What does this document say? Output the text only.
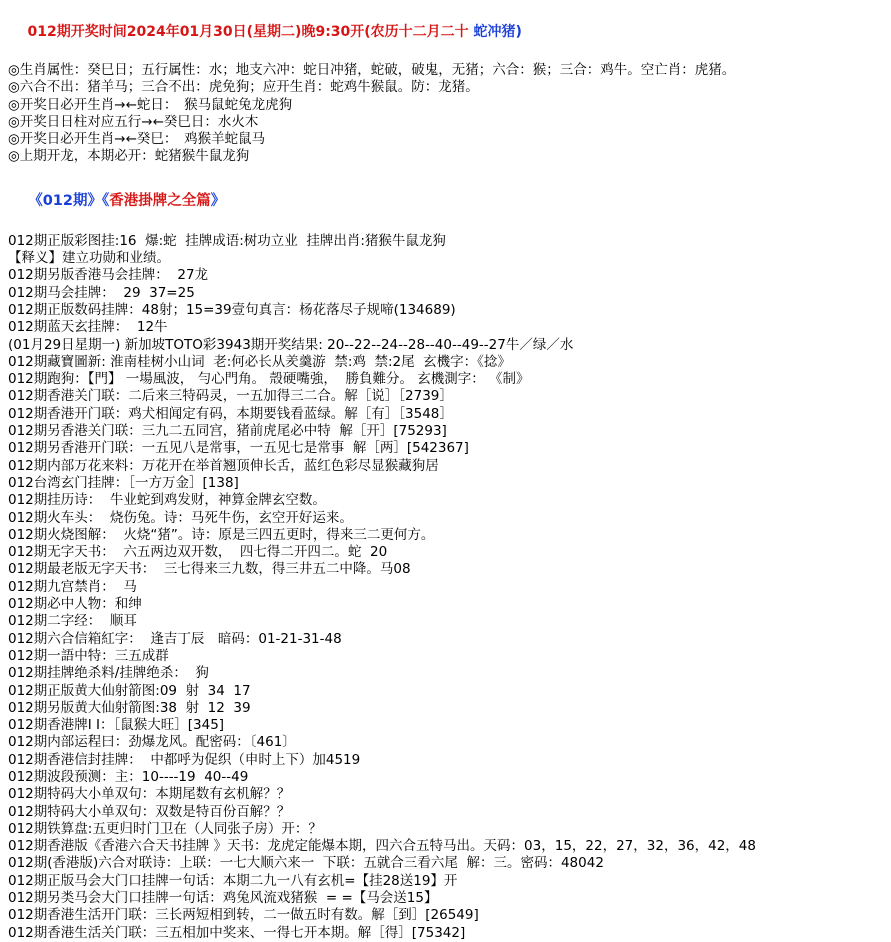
012期开奖时间2024年01月30日(星期二)晚9:30开(农历十二月二十 蛇冲猪)

◎生肖属性：癸巳日；五行属性：水；地支六冲：蛇日冲猪，蛇破，破鬼，无猪；六合：猴；三合：鸡牛。空亡肖：虎猪。
◎六合不出：猪羊马；三合不出：虎免狗；应开生肖：蛇鸡牛猴鼠。防：龙猪。
◎开奖日必开生肖→←蛇日：　猴马鼠蛇兔龙虎狗
◎开奖日日柱对应五行→←癸巳日：水火木
◎开奖日必开生肖→←癸巳：　鸡猴羊蛇鼠马
◎上期开龙，本期必开：蛇猪猴牛鼠龙狗

《012期》《香港掛牌之全篇》

012期正版彩图挂:16  爆:蛇  挂牌成语:树功立业  挂牌出肖:猪猴牛鼠龙狗
【释义】建立功勋和业绩。
012期另版香港马会挂牌：  27龙
012期马会挂牌：  29  37=25
012期正版数码挂牌：48射；15=39壹句真言：杨花落尽子规啼(134689)
012期蓝天玄挂牌：  12牛
(01月29日星期一) 新加坡TOTO彩3943期开奖结果: 20--22--24--28--40--49--27牛／绿／水
012期藏寶圖新: 淮南桂树小山词  老:何必长从羑羹游  禁:鸡  禁:2尾  玄機字：《捻》
012期跑狗：【門】 一場風波， 勻心門角。 殼硬嘴強，  勝負難分。 玄機測字： 《制》
012期香港关门联：二后来三特码灵，一五加得三二合。解［说］［2739］
012期香港开门联：鸡犬相闻定有码，本期要钱看蓝绿。解［有］［3548］
012期另香港关门联：三九二五同宫，猪前虎尾必中特  解［开］[75293]
012期另香港开门联：一五见八是常事，一五见七是常事  解［两］[542367]
012期内部万花来料：万花开在举首翘顶伸长舌，蓝红色彩尽显猴藏狗居
012台湾玄门挂牌：［一方万金］[138]
012期挂历诗：  牛业蛇到鸡发财，神算金牌玄空数。
012期火车头：  烧伤兔。诗：马死牛伤，玄空开好运来。
012期火烧图解：  火烧“猪”。诗：原是三四五更时，得来三二更何方。
012期无字天书：  六五两边双开数，  四七得二开四二。蛇  20
012期最老版无字天书：  三七得来三九数，得三井五二中降。马08
012期九宫禁肖：  马
012期必中人物：和绅
012期二字经：  顺耳
012期六合信箱紅字：  逢吉丁辰　暗码：01-21-31-48
012期一語中特：三五成群
012期挂牌绝杀料/挂牌绝杀：  狗
012期正版黄大仙射箭图:09  射  34  17
012期另版黄大仙射箭图:38  射  12  39
012期香港牌I I：［鼠猴大旺］[345]
012期内部运程曰：劲爆龙风。配密码：〔461〕
012期香港信封挂牌：  中都呼为促织（申时上下）加4519
012期波段预测：主：10----19  40--49
012期特码大小单双句：本期尾数有玄机解？？
012期特码大小单双句：双数是特百份百解？？
012期铁算盘:五更归时门卫在（人同张子房）开：？
012期香港版《香港六合天书挂牌 》天书：龙虎定能爆本期，四六合五特马出。天码：03，15，22，27，32，36，42，48
012期(香港版)六合对联诗：上联：一七大顺六来一  下联：五就合三看六尾  解：三。密码：48042
012期正版马会大门口挂牌一句话：本期二九一八有玄机=【挂28送19】开
012期另类马会大门口挂牌一句话：鸡兔风流戏猪猴  = =【马会送15】
012期香港生活开门联：三长两短相到转，二一做五时有数。解［到］[26549]
012期香港生活关门联：三五相加中奖来、一得七开本期。解［得］[75342]
